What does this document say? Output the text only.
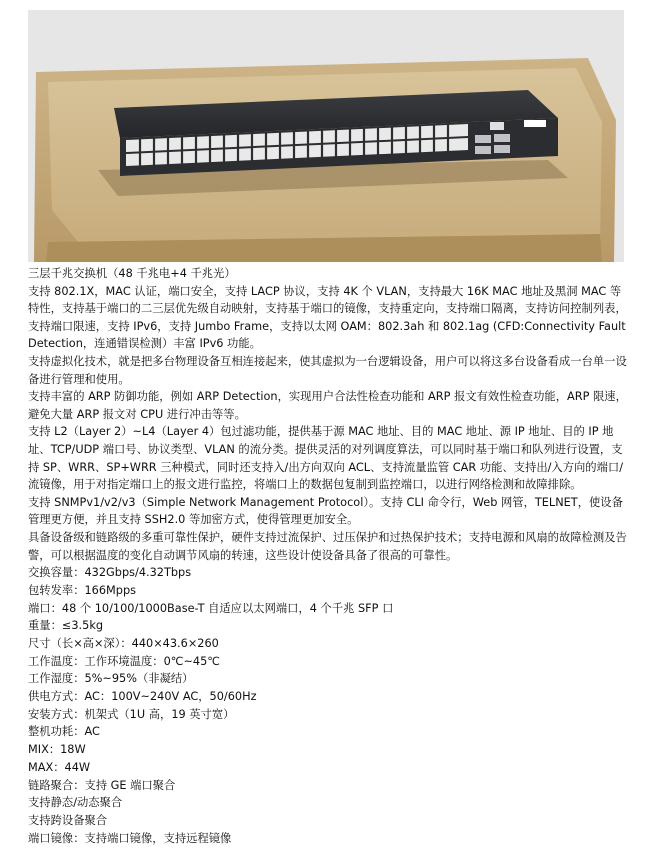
三层千兆交换机（48 千兆电+4 千兆光）

支持 802.1X，MAC 认证，端口安全，支持 LACP 协议，支持 4K 个 VLAN，支持最大 16K MAC 地址及黑洞 MAC 等特性，支持基于端口的二三层优先级自动映射，支持基于端口的镜像，支持重定向，支持端口隔离，支持访问控制列表，支持端口限速，支持 IPv6，支持 Jumbo Frame，支持以太网 OAM：802.3ah 和 802.1ag (CFD:Connectivity Fault Detection，连通错误检测）丰富 IPv6 功能。

支持虚拟化技术，就是把多台物理设备互相连接起来，使其虚拟为一台逻辑设备，用户可以将这多台设备看成一台单一设备进行管理和使用。

支持丰富的 ARP 防御功能，例如 ARP Detection，实现用户合法性检查功能和 ARP 报文有效性检查功能，ARP 限速，避免大量 ARP 报文对 CPU 进行冲击等等。

支持 L2（Layer 2）~L4（Layer 4）包过滤功能，提供基于源 MAC 地址、目的 MAC 地址、源 IP 地址、目的 IP 地址、TCP/UDP 端口号、协议类型、VLAN 的流分类。提供灵活的对列调度算法，可以同时基于端口和队列进行设置，支持 SP、WRR、SP+WRR 三种模式，同时还支持入/出方向双向 ACL、支持流量监管 CAR 功能、支持出/入方向的端口/流镜像，用于对指定端口上的报文进行监控，将端口上的数据包复制到监控端口，以进行网络检测和故障排除。

支持 SNMPv1/v2/v3（Simple Network Management Protocol）。支持 CLI 命令行，Web 网管，TELNET，使设备管理更方便，并且支持 SSH2.0 等加密方式，使得管理更加安全。

具备设备级和链路级的多重可靠性保护，硬件支持过流保护、过压保护和过热保护技术；支持电源和风扇的故障检测及告警，可以根据温度的变化自动调节风扇的转速，这些设计使设备具备了很高的可靠性。

交换容量：432Gbps/4.32Tbps

包转发率：166Mpps

端口：48 个 10/100/1000Base-T 自适应以太网端口，4 个千兆 SFP 口

重量：≤3.5kg

尺寸（长×高×深）：440×43.6×260

工作温度：工作环境温度：0℃~45℃

工作湿度：5%~95%（非凝结）

供电方式：AC：100V~240V AC，50/60Hz

安装方式：机架式（1U 高，19 英寸宽）

整机功耗：AC

MIX：18W

MAX：44W

链路聚合：支持 GE 端口聚合

支持静态/动态聚合

支持跨设备聚合

端口镜像：支持端口镜像，支持远程镜像
